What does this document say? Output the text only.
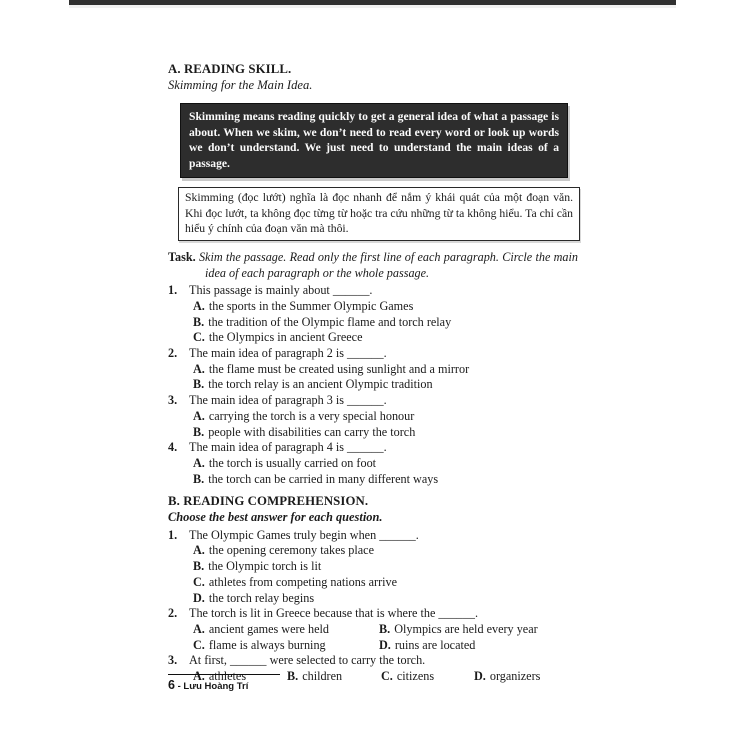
A. READING SKILL.
Skimming for the Main Idea.
Skimming means reading quickly to get a general idea of what a passage is about. When we skim, we don’t need to read every word or look up words we don’t understand. We just need to understand the main ideas of a passage.
Skimming (đọc lướt) nghĩa là đọc nhanh để nắm ý khái quát của một đoạn văn. Khi đọc lướt, ta không đọc từng từ hoặc tra cứu những từ ta không hiểu. Ta chỉ cần hiểu ý chính của đoạn văn mà thôi.
Task. Skim the passage. Read only the first line of each paragraph. Circle the main idea of each paragraph or the whole passage.
1. This passage is mainly about ______.
A. the sports in the Summer Olympic Games
B. the tradition of the Olympic flame and torch relay
C. the Olympics in ancient Greece
2. The main idea of paragraph 2 is ______.
A. the flame must be created using sunlight and a mirror
B. the torch relay is an ancient Olympic tradition
3. The main idea of paragraph 3 is ______.
A. carrying the torch is a very special honour
B. people with disabilities can carry the torch
4. The main idea of paragraph 4 is ______.
A. the torch is usually carried on foot
B. the torch can be carried in many different ways
B. READING COMPREHENSION.
Choose the best answer for each question.
1. The Olympic Games truly begin when ______.
A. the opening ceremony takes place
B. the Olympic torch is lit
C. athletes from competing nations arrive
D. the torch relay begins
2. The torch is lit in Greece because that is where the ______.
A. ancient games were held	B. Olympics are held every year
C. flame is always burning	D. ruins are located
3. At first, ______ were selected to carry the torch.
A. athletes	B. children	C. citizens	D. organizers
6 - Lưu Hoàng Trí
